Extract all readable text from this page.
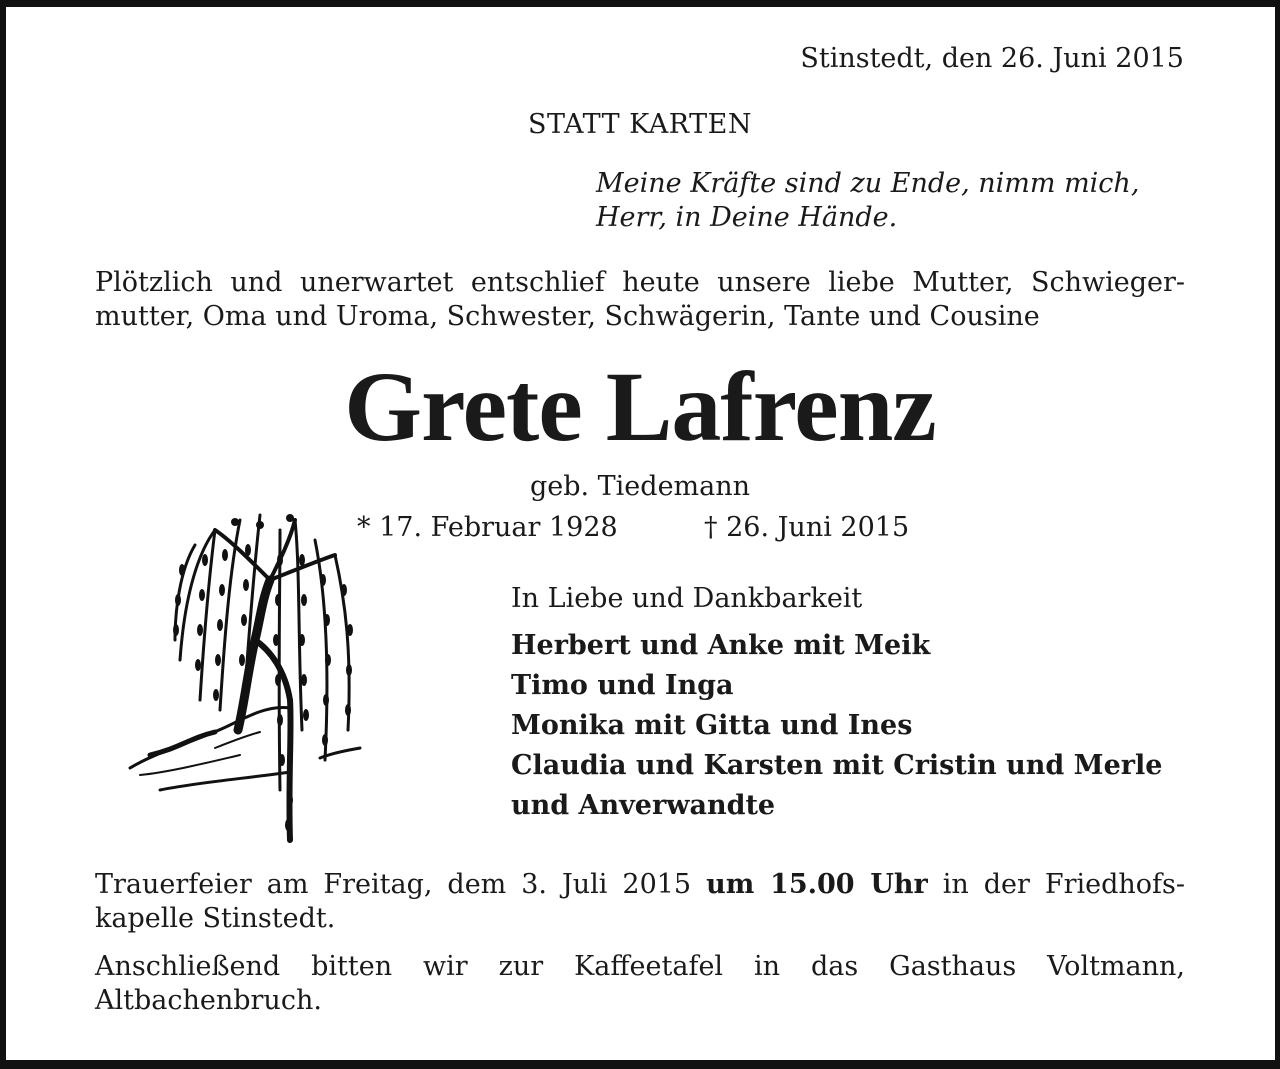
Stinstedt, den 26. Juni 2015
STATT KARTEN
Meine Kräfte sind zu Ende, nimm mich,
Herr, in Deine Hände.
Plötzlich und unerwartet entschlief heute unsere liebe Mutter, Schwieger-
mutter, Oma und Uroma, Schwester, Schwägerin, Tante und Cousine
Grete Lafrenz
geb. Tiedemann
* 17. Februar 1928	† 26. Juni 2015
In Liebe und Dankbarkeit
Herbert und Anke mit Meik
Timo und Inga
Monika mit Gitta und Ines
Claudia und Karsten mit Cristin und Merle
und Anverwandte
Trauerfeier am Freitag, dem 3. Juli 2015 um 15.00 Uhr in der Friedhofs-
kapelle Stinstedt.
Anschließend bitten wir zur Kaffeetafel in das Gasthaus Voltmann,
Altbachenbruch.
